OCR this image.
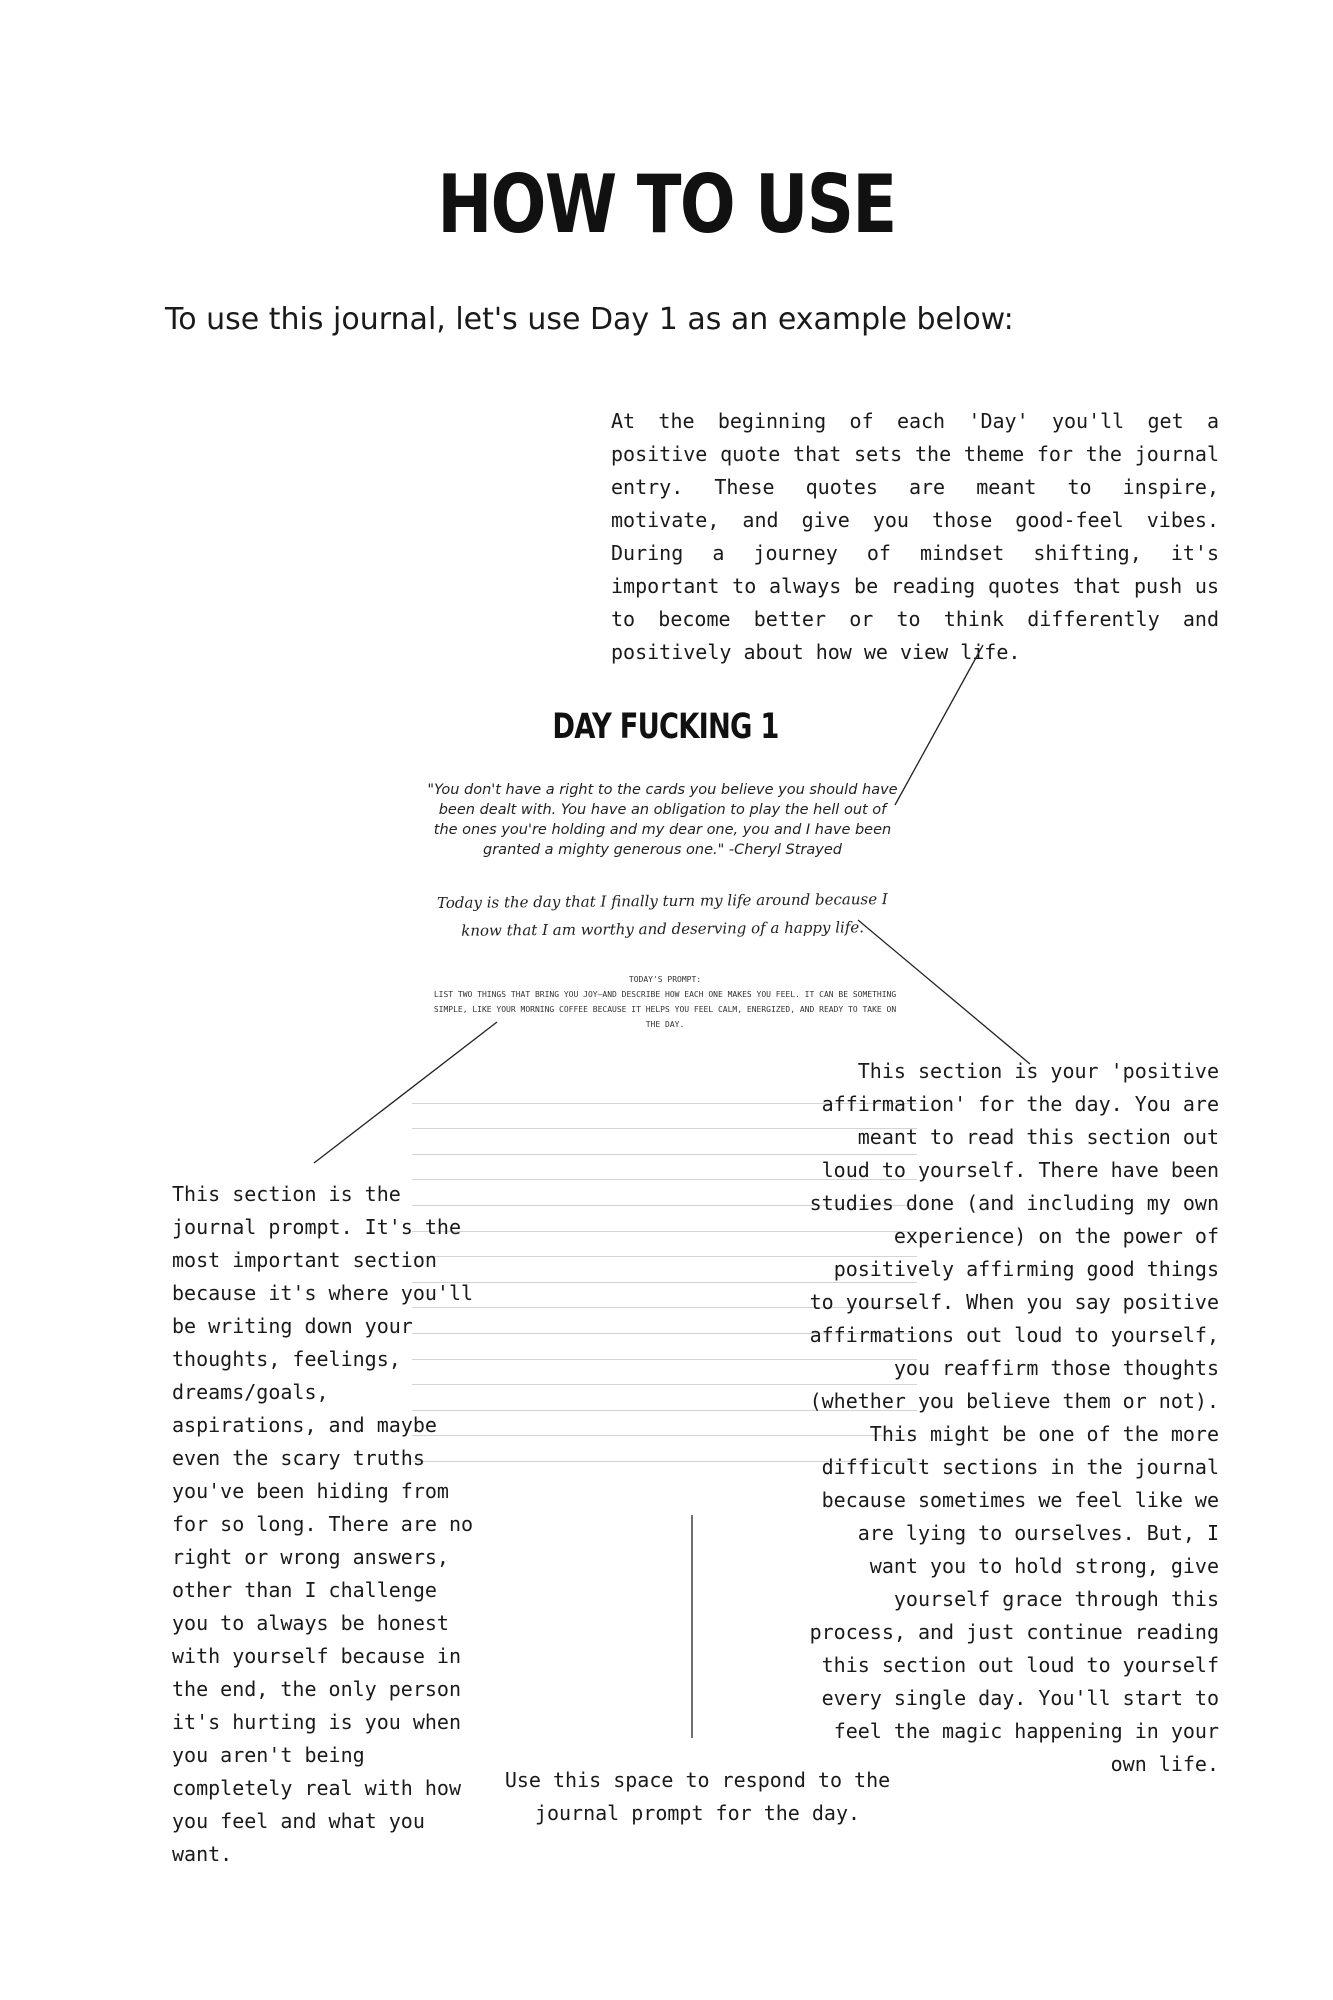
HOW TO USE
To use this journal, let's use Day 1 as an example below:
At the beginning of each 'Day' you'll get a positive quote that sets the theme for the journal entry. These quotes are meant to inspire, motivate, and give you those good-feel vibes. During a journey of mindset shifting, it's important to always be reading quotes that push us to become better or to think differently and positively about how we view life.
DAY FUCKING 1
"You don't have a right to the cards you believe you should have been dealt with. You have an obligation to play the hell out of the ones you're holding and my dear one, you and I have been granted a mighty generous one." -Cheryl Strayed
Today is the day that I finally turn my life around because I know that I am worthy and deserving of a happy life.
TODAY'S PROMPT:
LIST TWO THINGS THAT BRING YOU JOY—AND DESCRIBE HOW EACH ONE MAKES YOU FEEL. IT CAN BE SOMETHING SIMPLE, LIKE YOUR MORNING COFFEE BECAUSE IT HELPS YOU FEEL CALM, ENERGIZED, AND READY TO TAKE ON THE DAY.
This section is your 'positive affirmation' for the day. You are meant to read this section out loud to yourself. There have been studies done (and including my own experience) on the power of positively affirming good things to yourself. When you say positive affirmations out loud to yourself, you reaffirm those thoughts (whether you believe them or not). This might be one of the more difficult sections in the journal because sometimes we feel like we are lying to ourselves. But, I want you to hold strong, give yourself grace through this process, and just continue reading this section out loud to yourself every single day. You'll start to feel the magic happening in your own life.
This section is the journal prompt. It's the most important section because it's where you'll be writing down your thoughts, feelings, dreams/goals, aspirations, and maybe even the scary truths you've been hiding from for so long. There are no right or wrong answers, other than I challenge you to always be honest with yourself because in the end, the only person it's hurting is you when you aren't being completely real with how you feel and what you want.
Use this space to respond to the journal prompt for the day.
